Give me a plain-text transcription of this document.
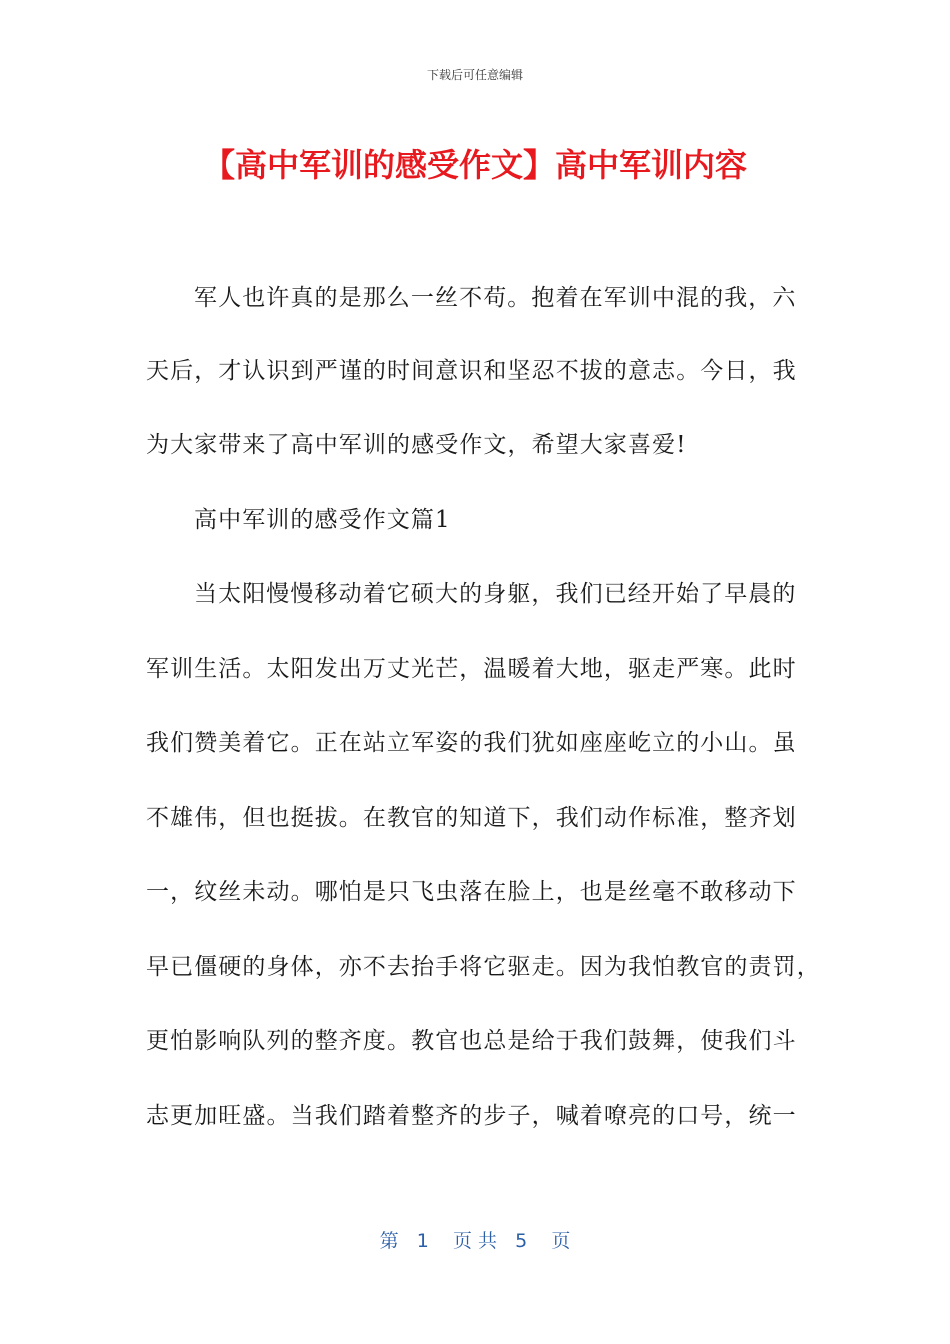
下载后可任意编辑
【高中军训的感受作文】高中军训内容
军人也许真的是那么一丝不苟。抱着在军训中混的我，六
天后，才认识到严谨的时间意识和坚忍不拔的意志。今日，我
为大家带来了高中军训的感受作文，希望大家喜爱!
高中军训的感受作文篇1
当太阳慢慢移动着它硕大的身躯，我们已经开始了早晨的
军训生活。太阳发出万丈光芒，温暖着大地，驱走严寒。此时
我们赞美着它。正在站立军姿的我们犹如座座屹立的小山。虽
不雄伟，但也挺拔。在教官的知道下，我们动作标准，整齐划
一，纹丝未动。哪怕是只飞虫落在脸上，也是丝毫不敢移动下
早已僵硬的身体，亦不去抬手将它驱走。因为我怕教官的责罚，
更怕影响队列的整齐度。教官也总是给于我们鼓舞，使我们斗
志更加旺盛。当我们踏着整齐的步子，喊着嘹亮的口号，统一
第   1    页 共   5    页
